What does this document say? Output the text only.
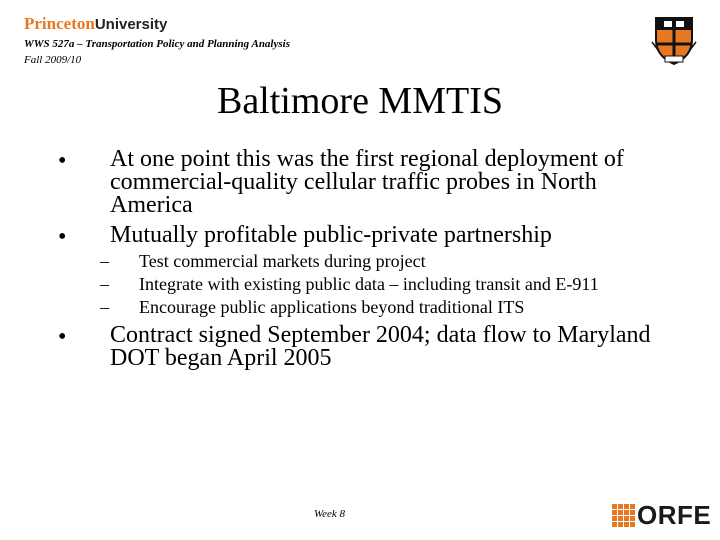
PrincetonUniversity
WWS 527a – Transportation Policy and Planning Analysis
Fall 2009/10
Baltimore MMTIS
• At one point this was the first regional deployment of
commercial-quality cellular traffic probes in North
America
• Mutually profitable public-private partnership
– Test commercial markets during project
– Integrate with existing public data – including transit and E-911
– Encourage public applications beyond traditional ITS
• Contract signed September 2004; data flow to Maryland
DOT began April 2005
Week 8	ORFE
